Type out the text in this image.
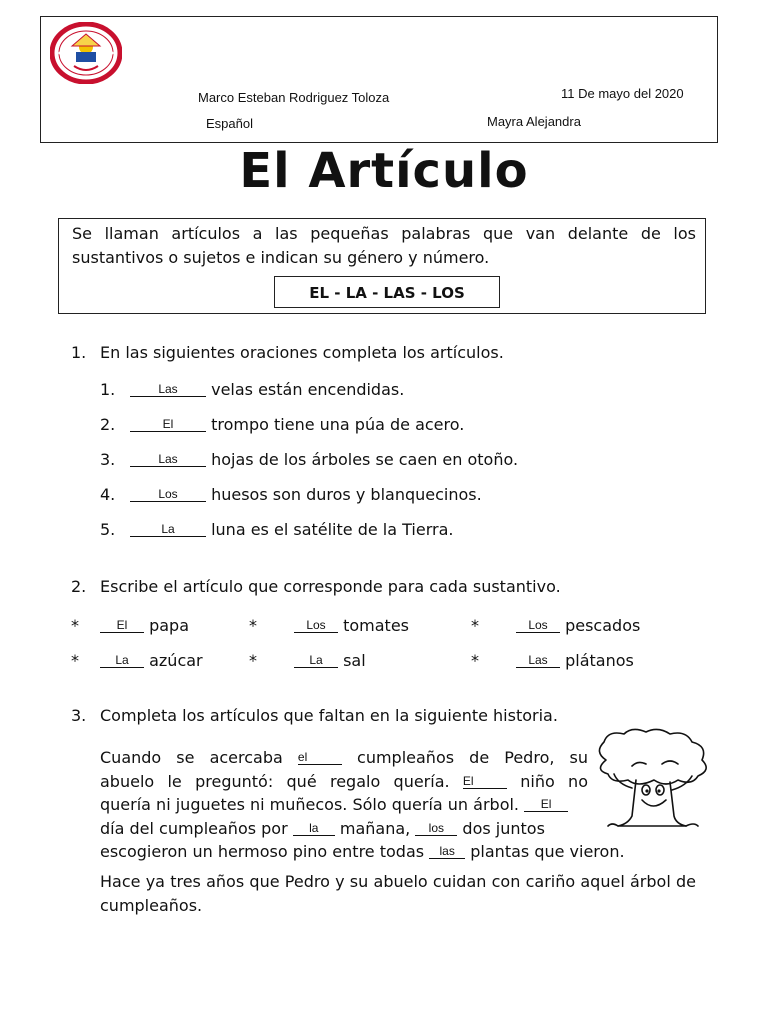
Marco Esteban Rodriguez Toloza	11 De mayo del 2020
Español	Mayra Alejandra
El Artículo
Se llaman artículos a las pequeñas palabras que van delante de los sustantivos o sujetos e indican su género y número.
EL - LA - LAS - LOS
1. En las siguientes oraciones completa los artículos.
1.	Las velas están encendidas.
2.	El trompo tiene una púa de acero.
3.	Las hojas de los árboles se caen en otoño.
4.	Los huesos son duros y blanquecinos.
5.	La luna es el satélite de la Tierra.
2. Escribe el artículo que corresponde para cada sustantivo.
*	El papa	*	Los tomates	*	Los pescados
*	La azúcar	*	La sal	*	Las plátanos
3. Completa los artículos que faltan en la siguiente historia.
Cuando se acercaba el	cumpleaños de Pedro, su
abuelo le preguntó: qué regalo quería. El	niño no
quería ni juguetes ni muñecos. Sólo quería un árbol. El
día del cumpleaños por la mañana, los dos juntos
escogieron un hermoso pino entre todas las plantas que vieron.
Hace ya tres años que Pedro y su abuelo cuidan con cariño aquel árbol de cumpleaños.
